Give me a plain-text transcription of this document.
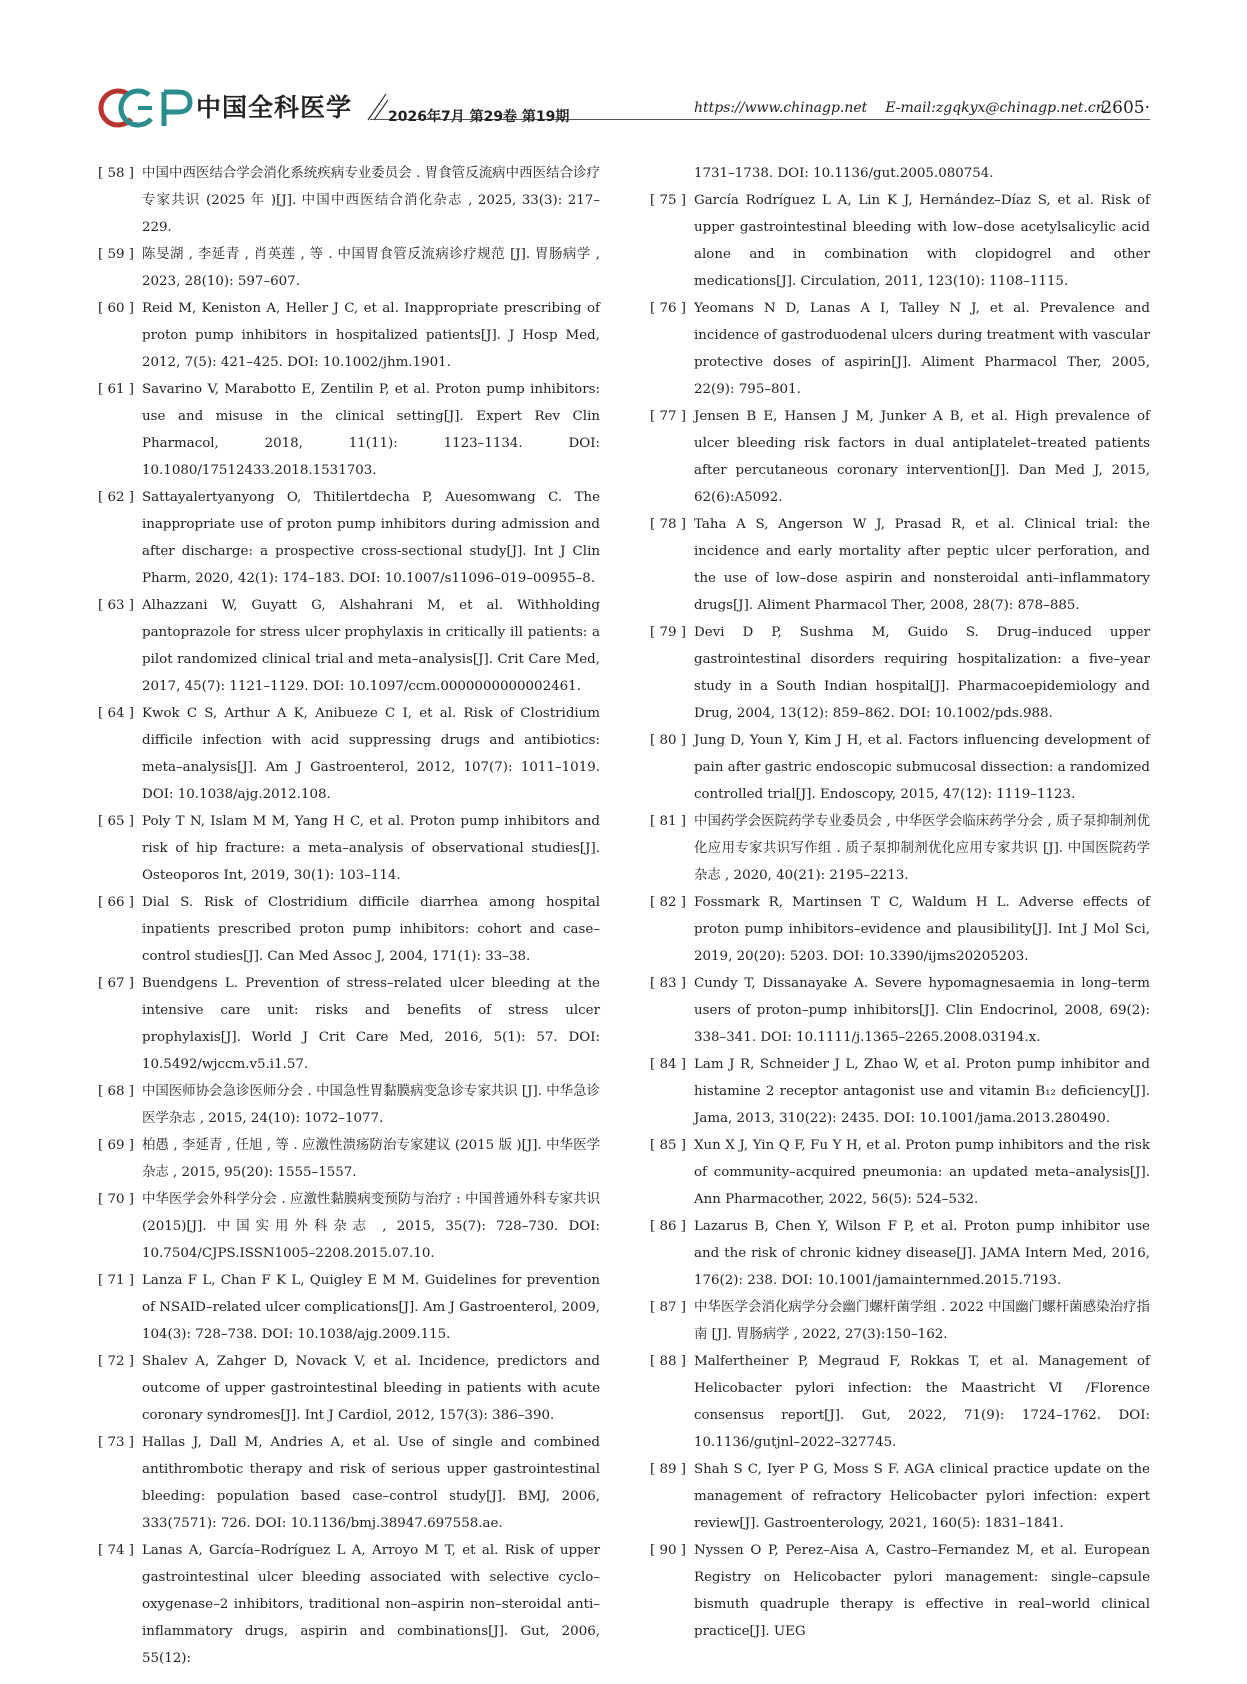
中国全科医学	2026年7月 第29卷 第19期
https://www.chinagp.net E-mail:zgqkyx@chinagp.net.cn
·2605·

[ 58 ] 中国中西医结合学会消化系统疾病专业委员会 . 胃食管反流病中西医结合诊疗专家共识 (2025 年 )[J]. 中国中西医结合消化杂志 , 2025, 33(3): 217–229.

[ 59 ] 陈旻湖 , 李延青 , 肖英莲 , 等 . 中国胃食管反流病诊疗规范 [J]. 胃肠病学 , 2023, 28(10): 597–607.

[ 60 ] Reid M, Keniston A, Heller J C, et al. Inappropriate prescribing of proton pump inhibitors in hospitalized patients[J]. J Hosp Med, 2012, 7(5): 421–425. DOI: 10.1002/jhm.1901.

[ 61 ] Savarino V, Marabotto E, Zentilin P, et al. Proton pump inhibitors: use and misuse in the clinical setting[J]. Expert Rev Clin Pharmacol, 2018, 11(11): 1123–1134. DOI: 10.1080/17512433.2018.1531703.

[ 62 ] Sattayalertyanyong O, Thitilertdecha P, Auesomwang C. The inappropriate use of proton pump inhibitors during admission and after discharge: a prospective cross-sectional study[J]. Int J Clin Pharm, 2020, 42(1): 174–183. DOI: 10.1007/s11096–019–00955–8.

[ 63 ] Alhazzani W, Guyatt G, Alshahrani M, et al. Withholding pantoprazole for stress ulcer prophylaxis in critically ill patients: a pilot randomized clinical trial and meta–analysis[J]. Crit Care Med, 2017, 45(7): 1121–1129. DOI: 10.1097/ccm.0000000000002461.

[ 64 ] Kwok C S, Arthur A K, Anibueze C I, et al. Risk of Clostridium difficile infection with acid suppressing drugs and antibiotics: meta–analysis[J]. Am J Gastroenterol, 2012, 107(7): 1011–1019. DOI: 10.1038/ajg.2012.108.

[ 65 ] Poly T N, Islam M M, Yang H C, et al. Proton pump inhibitors and risk of hip fracture: a meta–analysis of observational studies[J]. Osteoporos Int, 2019, 30(1): 103–114.

[ 66 ] Dial S. Risk of Clostridium difficile diarrhea among hospital inpatients prescribed proton pump inhibitors: cohort and case–control studies[J]. Can Med Assoc J, 2004, 171(1): 33–38.

[ 67 ] Buendgens L. Prevention of stress–related ulcer bleeding at the intensive care unit: risks and benefits of stress ulcer prophylaxis[J]. World J Crit Care Med, 2016, 5(1): 57. DOI: 10.5492/wjccm.v5.i1.57.

[ 68 ] 中国医师协会急诊医师分会 . 中国急性胃黏膜病变急诊专家共识 [J]. 中华急诊医学杂志 , 2015, 24(10): 1072–1077.

[ 69 ] 柏愚 , 李延青 , 任旭 , 等 . 应激性溃疡防治专家建议 (2015 版 )[J]. 中华医学杂志 , 2015, 95(20): 1555–1557.

[ 70 ] 中华医学会外科学分会 . 应激性黏膜病变预防与治疗 : 中国普通外科专家共识 (2015)[J]. 中国实用外科杂志 , 2015, 35(7): 728–730. DOI: 10.7504/CJPS.ISSN1005–2208.2015.07.10.

[ 71 ] Lanza F L, Chan F K L, Quigley E M M. Guidelines for prevention of NSAID–related ulcer complications[J]. Am J Gastroenterol, 2009, 104(3): 728–738. DOI: 10.1038/ajg.2009.115.

[ 72 ] Shalev A, Zahger D, Novack V, et al. Incidence, predictors and outcome of upper gastrointestinal bleeding in patients with acute coronary syndromes[J]. Int J Cardiol, 2012, 157(3): 386–390.

[ 73 ] Hallas J, Dall M, Andries A, et al. Use of single and combined antithrombotic therapy and risk of serious upper gastrointestinal bleeding: population based case–control study[J]. BMJ, 2006, 333(7571): 726. DOI: 10.1136/bmj.38947.697558.ae.

[ 74 ] Lanas A, García–Rodríguez L A, Arroyo M T, et al. Risk of upper gastrointestinal ulcer bleeding associated with selective cyclo–oxygenase–2 inhibitors, traditional non–aspirin non–steroidal anti–inflammatory drugs, aspirin and combinations[J]. Gut, 2006, 55(12):

1731–1738. DOI: 10.1136/gut.2005.080754.

[ 75 ] García Rodríguez L A, Lin K J, Hernández–Díaz S, et al. Risk of upper gastrointestinal bleeding with low–dose acetylsalicylic acid alone and in combination with clopidogrel and other medications[J]. Circulation, 2011, 123(10): 1108–1115.

[ 76 ] Yeomans N D, Lanas A I, Talley N J, et al. Prevalence and incidence of gastroduodenal ulcers during treatment with vascular protective doses of aspirin[J]. Aliment Pharmacol Ther, 2005, 22(9): 795–801.

[ 77 ] Jensen B E, Hansen J M, Junker A B, et al. High prevalence of ulcer bleeding risk factors in dual antiplatelet–treated patients after percutaneous coronary intervention[J]. Dan Med J, 2015, 62(6):A5092.

[ 78 ] Taha A S, Angerson W J, Prasad R, et al. Clinical trial: the incidence and early mortality after peptic ulcer perforation, and the use of low–dose aspirin and nonsteroidal anti–inflammatory drugs[J]. Aliment Pharmacol Ther, 2008, 28(7): 878–885.

[ 79 ] Devi D P, Sushma M, Guido S. Drug–induced upper gastrointestinal disorders requiring hospitalization: a five–year study in a South Indian hospital[J]. Pharmacoepidemiology and Drug, 2004, 13(12): 859–862. DOI: 10.1002/pds.988.

[ 80 ] Jung D, Youn Y, Kim J H, et al. Factors influencing development of pain after gastric endoscopic submucosal dissection: a randomized controlled trial[J]. Endoscopy, 2015, 47(12): 1119–1123.

[ 81 ] 中国药学会医院药学专业委员会 , 中华医学会临床药学分会 , 质子泵抑制剂优化应用专家共识写作组 . 质子泵抑制剂优化应用专家共识 [J]. 中国医院药学杂志 , 2020, 40(21): 2195–2213.

[ 82 ] Fossmark R, Martinsen T C, Waldum H L. Adverse effects of proton pump inhibitors–evidence and plausibility[J]. Int J Mol Sci, 2019, 20(20): 5203. DOI: 10.3390/ijms20205203.

[ 83 ] Cundy T, Dissanayake A. Severe hypomagnesaemia in long–term users of proton–pump inhibitors[J]. Clin Endocrinol, 2008, 69(2): 338–341. DOI: 10.1111/j.1365–2265.2008.03194.x.

[ 84 ] Lam J R, Schneider J L, Zhao W, et al. Proton pump inhibitor and histamine 2 receptor antagonist use and vitamin B₁₂ deficiency[J]. Jama, 2013, 310(22): 2435. DOI: 10.1001/jama.2013.280490.

[ 85 ] Xun X J, Yin Q F, Fu Y H, et al. Proton pump inhibitors and the risk of community–acquired pneumonia: an updated meta–analysis[J]. Ann Pharmacother, 2022, 56(5): 524–532.

[ 86 ] Lazarus B, Chen Y, Wilson F P, et al. Proton pump inhibitor use and the risk of chronic kidney disease[J]. JAMA Intern Med, 2016, 176(2): 238. DOI: 10.1001/jamainternmed.2015.7193.

[ 87 ] 中华医学会消化病学分会幽门螺杆菌学组 . 2022 中国幽门螺杆菌感染治疗指南 [J]. 胃肠病学 , 2022, 27(3):150–162.

[ 88 ] Malfertheiner P, Megraud F, Rokkas T, et al. Management of Helicobacter pylori infection: the Maastricht Ⅵ /Florence consensus report[J]. Gut, 2022, 71(9): 1724–1762. DOI: 10.1136/gutjnl–2022–327745.

[ 89 ] Shah S C, Iyer P G, Moss S F. AGA clinical practice update on the management of refractory Helicobacter pylori infection: expert review[J]. Gastroenterology, 2021, 160(5): 1831–1841.

[ 90 ] Nyssen O P, Perez–Aisa A, Castro–Fernandez M, et al. European Registry on Helicobacter pylori management: single–capsule bismuth quadruple therapy is effective in real–world clinical practice[J]. UEG
